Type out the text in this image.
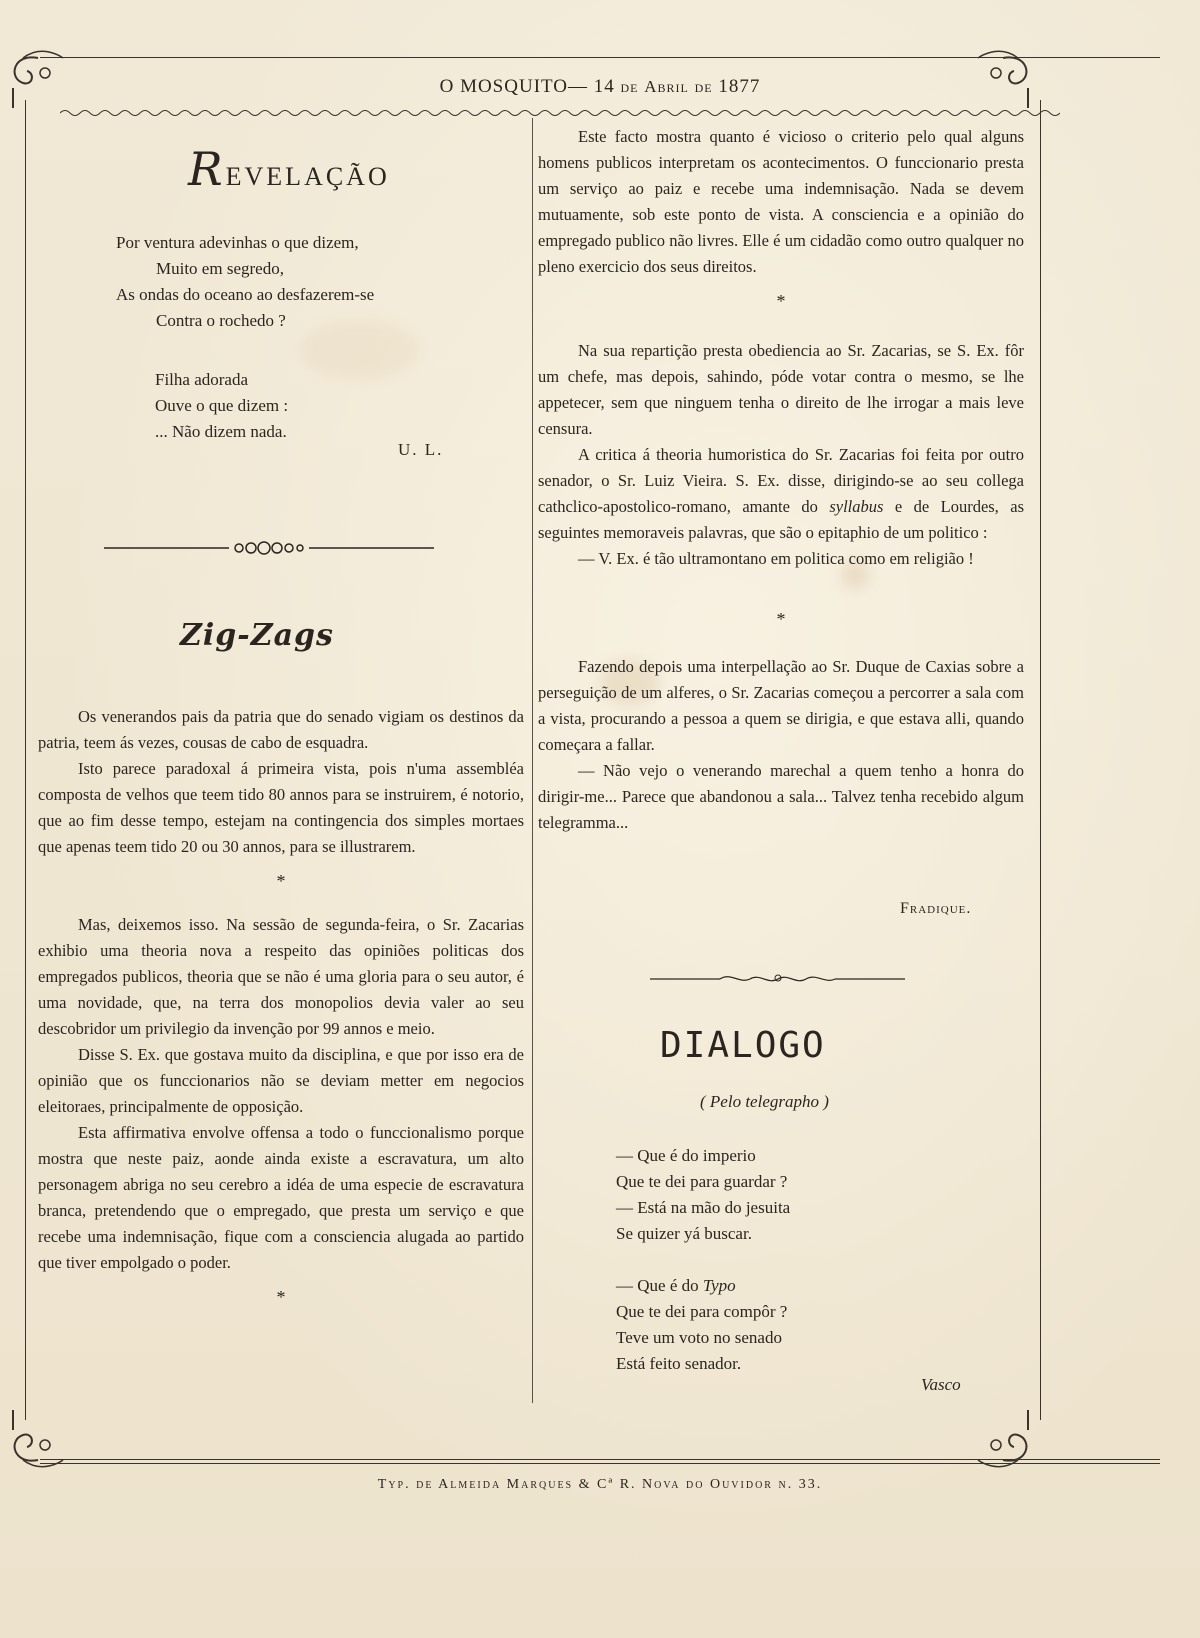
O MOSQUITO— 14 de Abril de 1877
REVELAÇÃO
Por ventura adevinhas o que dizem,
Muito em segredo,
As ondas do oceano ao desfazerem-se
Contra o rochedo ?
Filha adorada
Ouve o que dizem :
... Não dizem nada.
U. L.
Zig-Zags

Os venerandos pais da patria que do senado vigiam os destinos da patria, teem ás vezes, cousas de cabo de esquadra.

Isto parece paradoxal á primeira vista, pois n'uma assembléa composta de velhos que teem tido 80 annos para se instruirem, é notorio, que ao fim desse tempo, estejam na contingencia dos simples mortaes que apenas teem tido 20 ou 30 annos, para se illustrarem.

*

Mas, deixemos isso. Na sessão de segunda-feira, o Sr. Zacarias exhibio uma theoria nova a respeito das opiniões politicas dos empregados publicos, theoria que se não é uma gloria para o seu autor, é uma novidade, que, na terra dos monopolios devia valer ao seu descobridor um privilegio da invenção por 99 annos e meio.

Disse S. Ex. que gostava muito da disciplina, e que por isso era de opinião que os funccionarios não se deviam metter em negocios eleitoraes, principalmente de opposição.

Esta affirmativa envolve offensa a todo o funccionalismo porque mostra que neste paiz, aonde ainda existe a escravatura, um alto personagem abriga no seu cerebro a idéa de uma especie de escravatura branca, pretendendo que o empregado, que presta um serviço e que recebe uma indemnisação, fique com a consciencia alugada ao partido que tiver empolgado o poder.

*

Este facto mostra quanto é vicioso o criterio pelo qual alguns homens publicos interpretam os acontecimentos. O funccionario presta um serviço ao paiz e recebe uma indemnisação. Nada se devem mutuamente, sob este ponto de vista. A consciencia e a opinião do empregado publico não livres. Elle é um cidadão como outro qualquer no pleno exercicio dos seus direitos.

*

Na sua repartição presta obediencia ao Sr. Zacarias, se S. Ex. fôr um chefe, mas depois, sahindo, póde votar contra o mesmo, se lhe appetecer, sem que ninguem tenha o direito de lhe irrogar a mais leve censura.

A critica á theoria humoristica do Sr. Zacarias foi feita por outro senador, o Sr. Luiz Vieira. S. Ex. disse, dirigindo-se ao seu collega cathclico-apostolico-romano, amante do syllabus e de Lourdes, as seguintes memoraveis palavras, que são o epitaphio de um politico :

— V. Ex. é tão ultramontano em politica como em religião !

*

Fazendo depois uma interpellação ao Sr. Duque de Caxias sobre a perseguição de um alferes, o Sr. Zacarias começou a percorrer a sala com a vista, procurando a pessoa a quem se dirigia, e que estava alli, quando começara a fallar.

— Não vejo o venerando marechal a quem tenho a honra do dirigir-me... Parece que abandonou a sala... Talvez tenha recebido algum telegramma...

Fradique.
DIALOGO
( Pelo telegrapho )
— Que é do imperio
Que te dei para guardar ?
— Está na mão do jesuita
Se quizer yá buscar.
— Que é do Typo
Que te dei para compôr ?
Teve um voto no senado
Está feito senador.
Vasco
Typ. de Almeida Marques & Cª R. Nova do Ouvidor n. 33.
